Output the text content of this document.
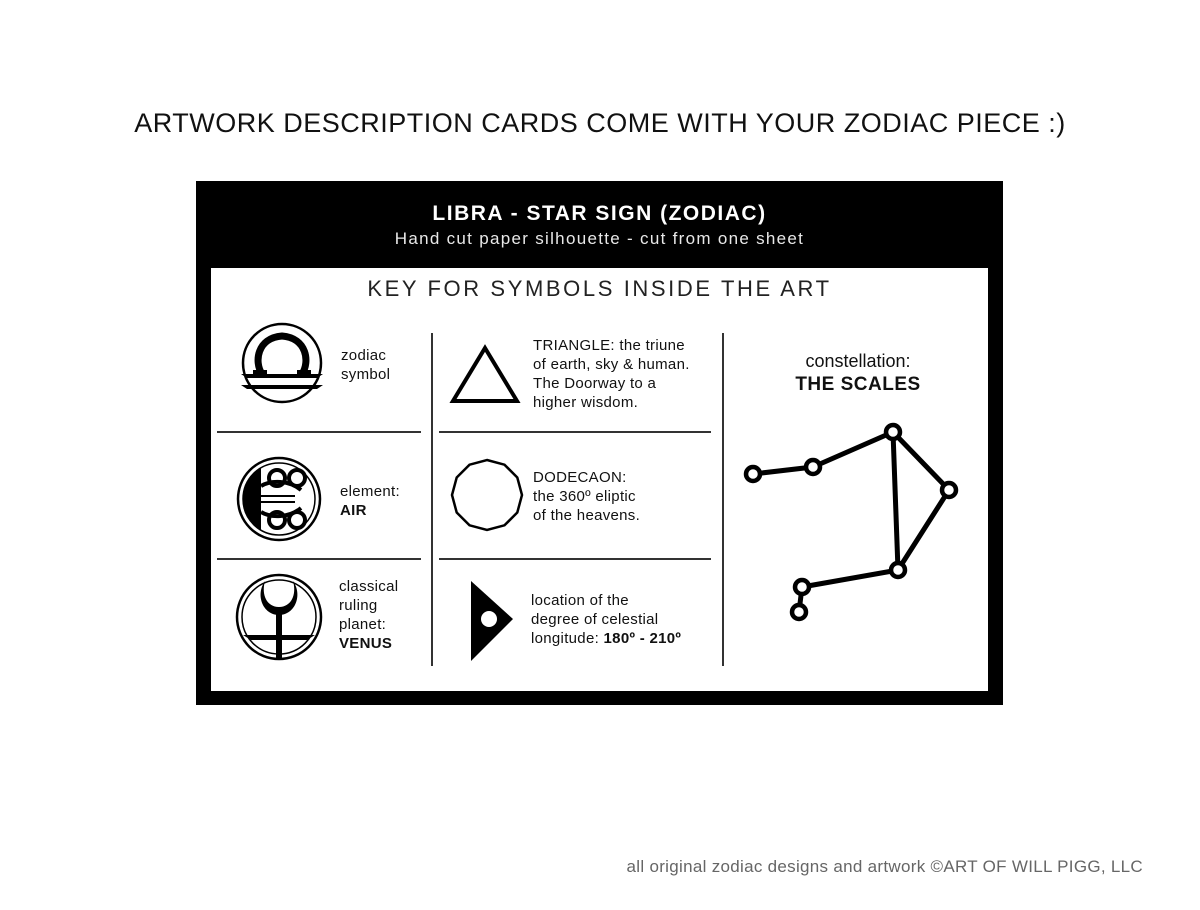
ARTWORK DESCRIPTION CARDS COME WITH YOUR ZODIAC PIECE :)
LIBRA - STAR SIGN (ZODIAC)
Hand cut paper silhouette - cut from one sheet
KEY FOR SYMBOLS INSIDE THE ART
zodiac
symbol
element:
AIR
classical
ruling
planet:
VENUS
TRIANGLE: the triune
of earth, sky & human.
The Doorway to a
higher wisdom.
DODECAON:
the 360º eliptic
of the heavens.
location of the
degree of celestial
longitude: 180º - 210º
constellation:
THE SCALES
all original zodiac designs and artwork ©ART OF WILL PIGG, LLC
